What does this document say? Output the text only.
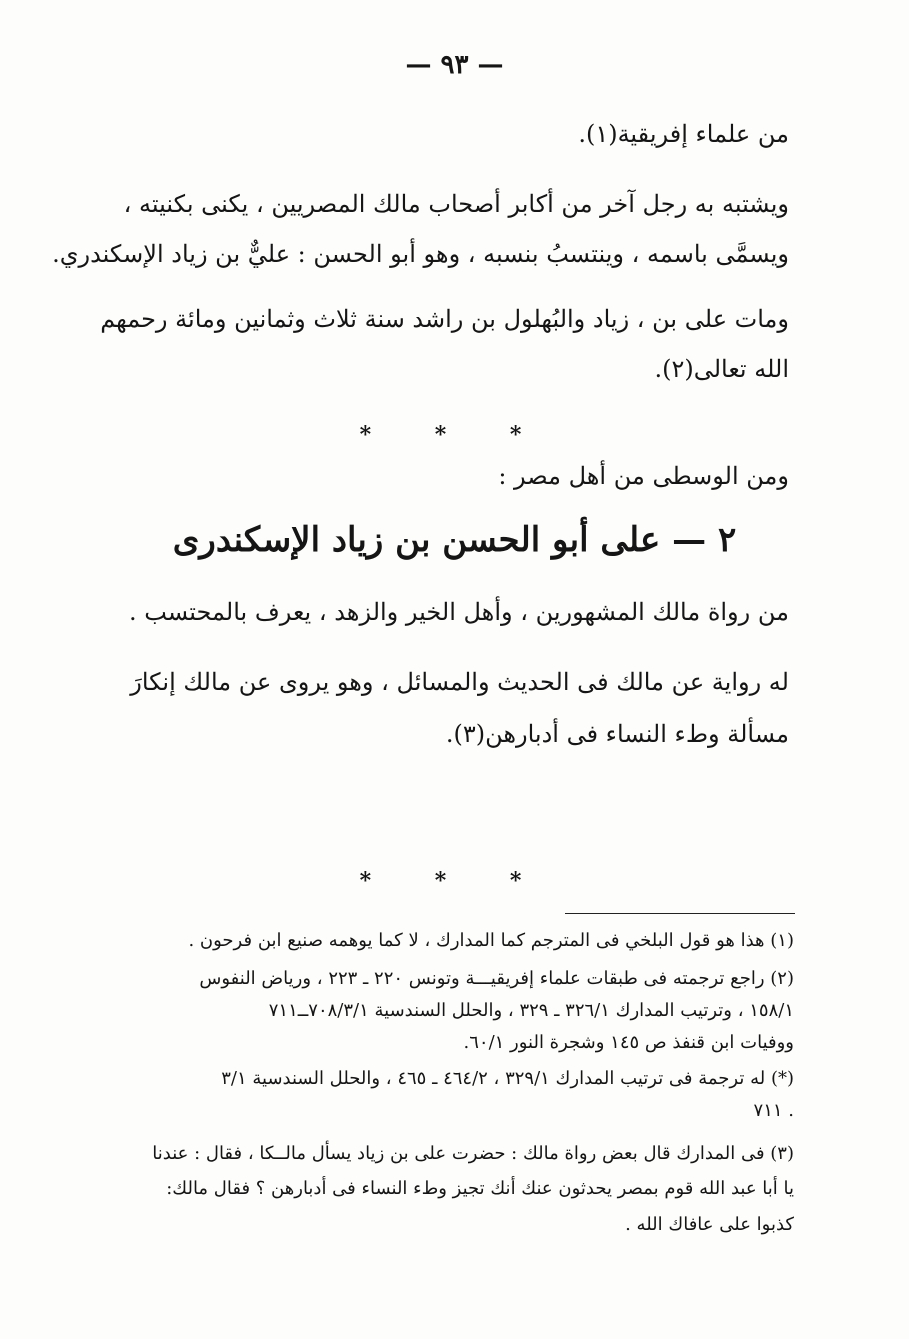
— ٩٣ —
من علماء إفريقية(١).
ويشتبه به رجل آخر من أكابر أصحاب مالك المصريين ، يكنى بكنيته ،
ويسمَّى باسمه ، وينتسبُ بنسبه ، وهو أبو الحسن : عليٌّ بن زياد الإسكندري.
ومات على بن ، زياد والبُهلول بن راشد سنة ثلاث وثمانين ومائة رحمهم
الله تعالى(٢).
* * *
ومن الوسطى من أهل مصر :
٢ — على أبو الحسن بن زياد الإسكندرى
من رواة مالك المشهورين ، وأهل الخير والزهد ، يعرف بالمحتسب .
له رواية عن مالك فى الحديث والمسائل ، وهو يروى عن مالك إنكارَ
مسألة وطء النساء فى أدبارهن(٣).
* * *
(١) هذا هو قول البلخي فى المترجم كما المدارك ، لا كما يوهمه صنيع ابن فرحون .
(٢) راجع ترجمته فى طبقات علماء إفريقيـــة وتونس ٢٢٠ ـ ٢٢٣ ، ورياض النفوس
١٥٨/١ ، وترتيب المدارك ٣٢٦/١ ـ ٣٢٩ ، والحلل السندسية ٧٠٨/٣/١ــ٧١١
ووفيات ابن قنفذ ص ١٤٥ وشجرة النور ٦٠/١.
(*) له ترجمة فى ترتيب المدارك ٣٢٩/١ ، ٤٦٤/٢ ـ ٤٦٥ ، والحلل السندسية ٣/١
. ٧١١
(٣) فى المدارك قال بعض رواة مالك : حضرت على بن زياد يسأل مالــكا ، فقال : عندنا
يا أبا عبد الله قوم بمصر يحدثون عنك أنك تجيز وطء النساء فى أدبارهن ؟ فقال مالك:
كذبوا على عافاك الله .
